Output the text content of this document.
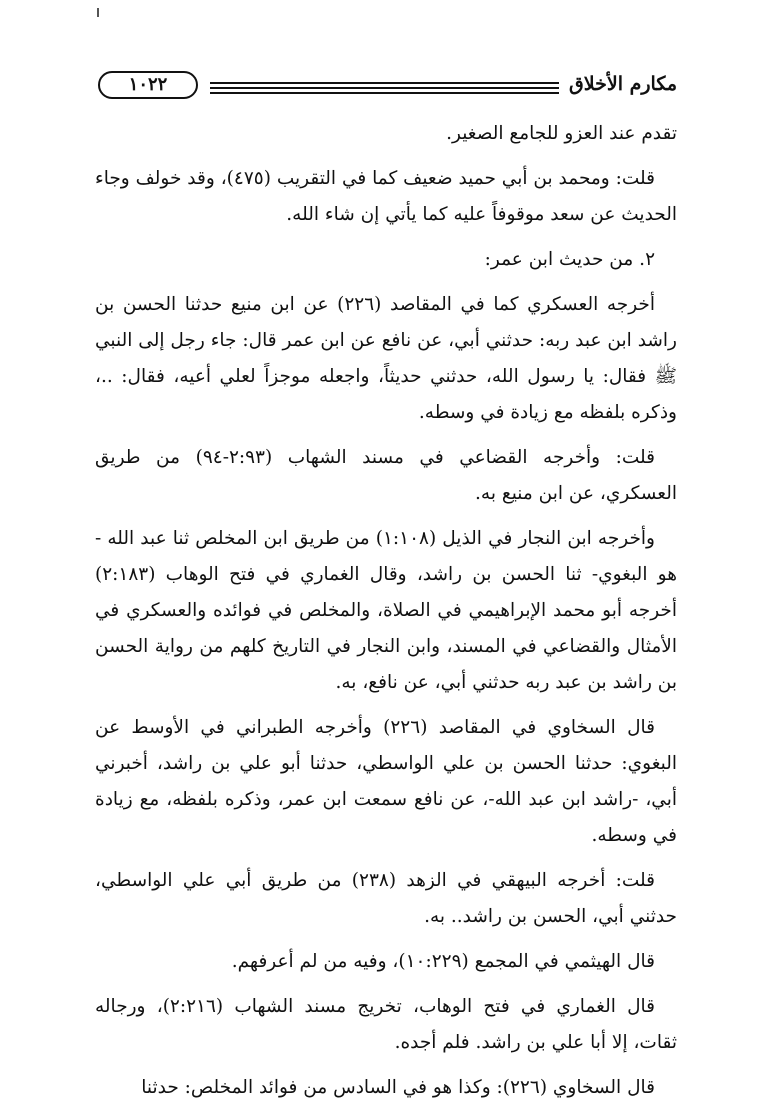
مكارم الأخلاق
١٠٢٢

تقدم عند العزو للجامع الصغير.

قلت: ومحمد بن أبي حميد ضعيف كما في التقريب (٤٧٥)، وقد خولف وجاء الحديث عن سعد موقوفاً عليه كما يأتي إن شاء الله.

٢. من حديث ابن عمر:

أخرجه العسكري كما في المقاصد (٢٢٦) عن ابن منيع حدثنا الحسن بن راشد ابن عبد ربه: حدثني أبي، عن نافع عن ابن عمر قال: جاء رجل إلى النبي ﷺ فقال: يا رسول الله، حدثني حديثاً، واجعله موجزاً لعلي أعيه، فقال: ..، وذكره بلفظه مع زيادة في وسطه.

قلت: وأخرجه القضاعي في مسند الشهاب (٢:٩٣-٩٤) من طريق العسكري، عن ابن منيع به.

وأخرجه ابن النجار في الذيل (١:١٠٨) من طريق ابن المخلص ثنا عبد الله - هو البغوي- ثنا الحسن بن راشد، وقال الغماري في فتح الوهاب (٢:١٨٣) أخرجه أبو محمد الإبراهيمي في الصلاة، والمخلص في فوائده والعسكري في الأمثال والقضاعي في المسند، وابن النجار في التاريخ كلهم من رواية الحسن بن راشد بن عبد ربه حدثني أبي، عن نافع، به.

قال السخاوي في المقاصد (٢٢٦) وأخرجه الطبراني في الأوسط عن البغوي: حدثنا الحسن بن علي الواسطي، حدثنا أبو علي بن راشد، أخبرني أبي، -راشد ابن عبد الله-، عن نافع سمعت ابن عمر، وذكره بلفظه، مع زيادة في وسطه.

قلت: أخرجه البيهقي في الزهد (٢٣٨) من طريق أبي علي الواسطي، حدثني أبي، الحسن بن راشد.. به.

قال الهيثمي في المجمع (١٠:٢٢٩)، وفيه من لم أعرفهم.

قال الغماري في فتح الوهاب، تخريج مسند الشهاب (٢:٢١٦)، ورجاله ثقات، إلا أبا علي بن راشد. فلم أجده.

قال السخاوي (٢٢٦): وكذا هو في السادس من فوائد المخلص: حدثنا
